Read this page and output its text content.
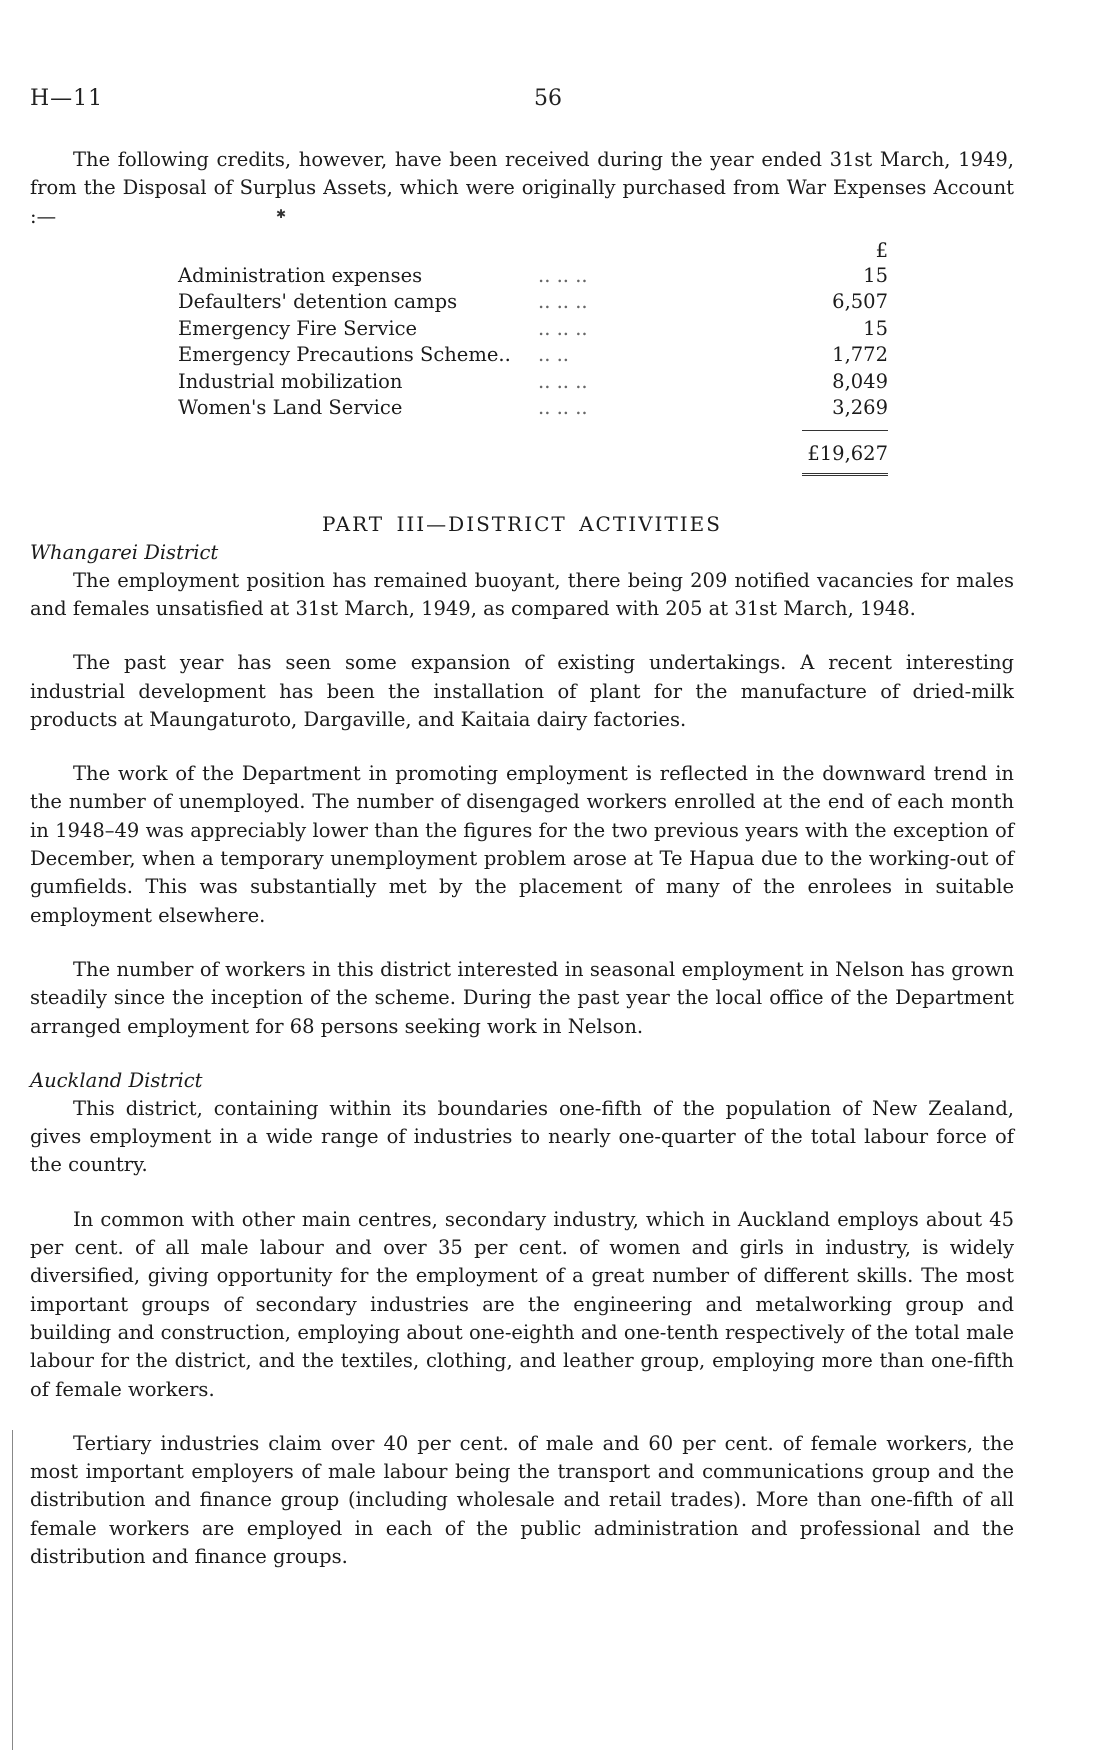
H—11	56
✱

The following credits, however, have been received during the year ended 31st March, 1949, from the Disposal of Surplus Assets, which were originally purchased from War Expenses Account :—

		£
Administration expenses	.. .. ..	15
Defaulters' detention camps	.. .. ..	6,507
Emergency Fire Service	.. .. ..	15
Emergency Precautions Scheme..	.. ..	1,772
Industrial mobilization	.. .. ..	8,049
Women's Land Service	.. .. ..	3,269
		£19,627
PART III—DISTRICT ACTIVITIES
Whangarei District

The employment position has remained buoyant, there being 209 notified vacancies for males and females unsatisfied at 31st March, 1949, as compared with 205 at 31st March, 1948.

The past year has seen some expansion of existing undertakings. A recent interesting industrial development has been the installation of plant for the manufacture of dried-milk products at Maungaturoto, Dargaville, and Kaitaia dairy factories.

The work of the Department in promoting employment is reflected in the downward trend in the number of unemployed. The number of disengaged workers enrolled at the end of each month in 1948–49 was appreciably lower than the figures for the two previous years with the exception of December, when a temporary unemployment problem arose at Te Hapua due to the working-out of gumfields. This was substantially met by the placement of many of the enrolees in suitable employment elsewhere.

The number of workers in this district interested in seasonal employment in Nelson has grown steadily since the inception of the scheme. During the past year the local office of the Department arranged employment for 68 persons seeking work in Nelson.

Auckland District

This district, containing within its boundaries one-fifth of the population of New Zealand, gives employment in a wide range of industries to nearly one-quarter of the total labour force of the country.

In common with other main centres, secondary industry, which in Auckland employs about 45 per cent. of all male labour and over 35 per cent. of women and girls in industry, is widely diversified, giving opportunity for the employment of a great number of different skills. The most important groups of secondary industries are the engineering and metalworking group and building and construction, employing about one-eighth and one-tenth respectively of the total male labour for the district, and the textiles, clothing, and leather group, employing more than one-fifth of female workers.

Tertiary industries claim over 40 per cent. of male and 60 per cent. of female workers, the most important employers of male labour being the transport and communications group and the distribution and finance group (including wholesale and retail trades). More than one-fifth of all female workers are employed in each of the public administration and professional and the distribution and finance groups.
